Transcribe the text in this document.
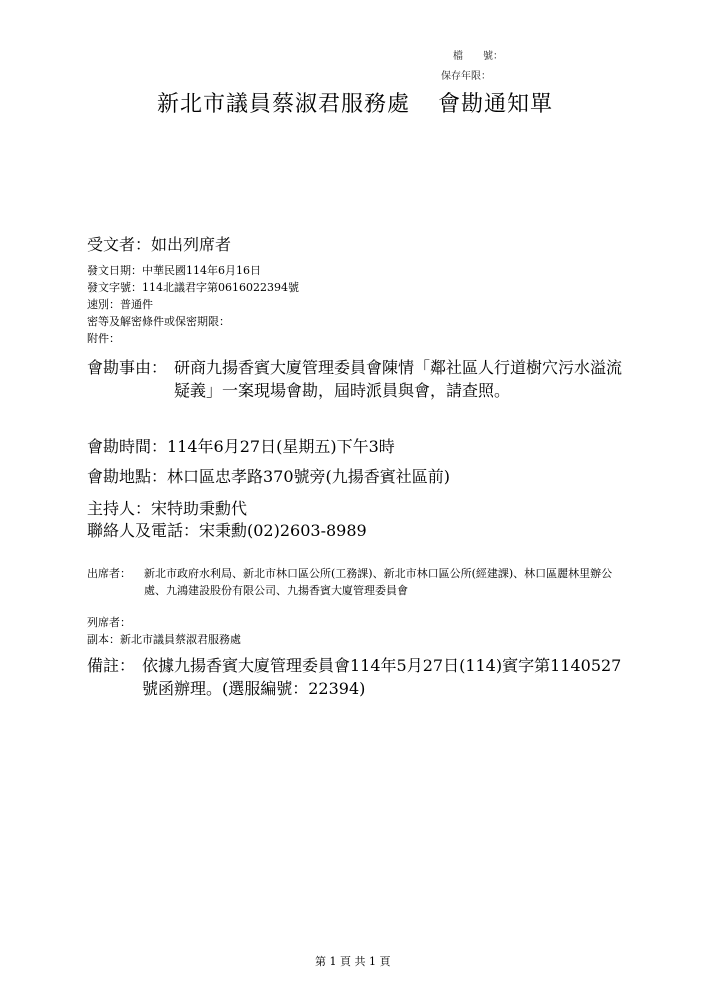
檔　　號：
保存年限：
新北市議員蔡淑君服務處 會勘通知單
受文者：如出列席者
發文日期：中華民國114年6月16日
發文字號：114北議君字第0616022394號
速別：普通件
密等及解密條件或保密期限：
附件：
會勘事由： 研商九揚香賓大廈管理委員會陳情「鄰社區人行道樹穴污水溢流疑義」一案現場會勘，屆時派員與會，請查照。
會勘時間：114年6月27日(星期五)下午3時
會勘地點：林口區忠孝路370號旁(九揚香賓社區前)
主持人：宋特助秉勳代
聯絡人及電話：宋秉勳(02)2603-8989
出席者： 新北市政府水利局、新北市林口區公所(工務課)、新北市林口區公所(經建課)、林口區麗林里辦公處、九鴻建設股份有限公司、九揚香賓大廈管理委員會
列席者：
副本：新北市議員蔡淑君服務處
備註： 依據九揚香賓大廈管理委員會114年5月27日(114)賓字第1140527號函辦理。(選服編號：22394)
第 1 頁 共 1 頁
